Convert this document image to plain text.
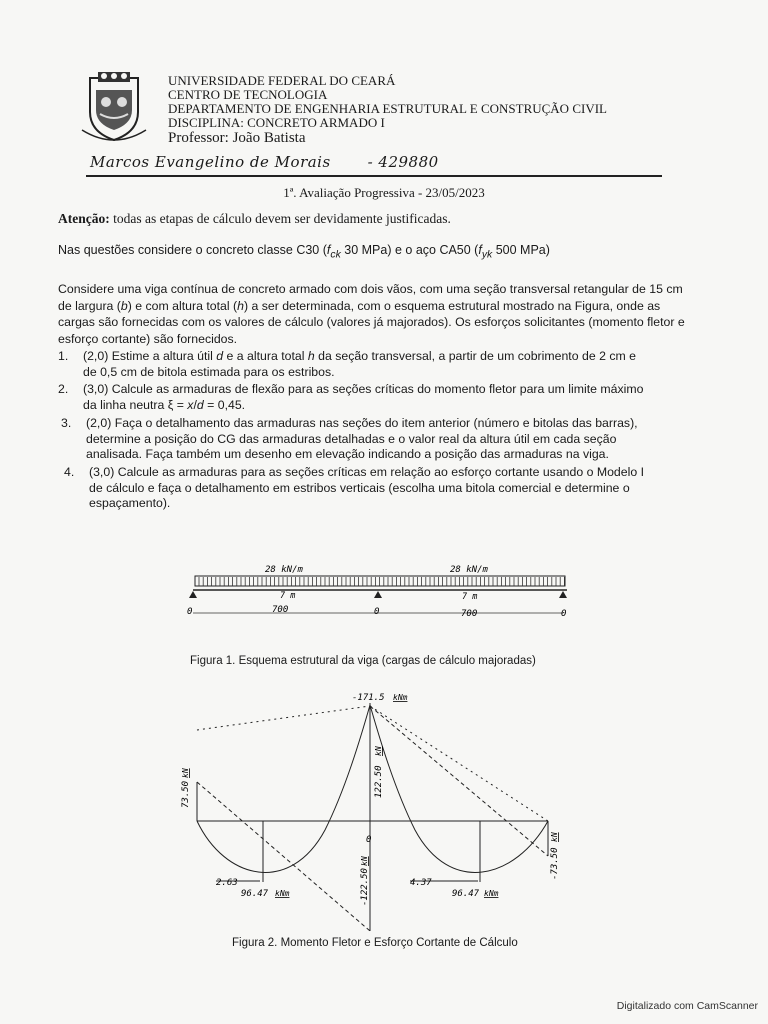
UNIVERSIDADE FEDERAL DO CEARÁ
CENTRO DE TECNOLOGIA
DEPARTAMENTO DE ENGENHARIA ESTRUTURAL E CONSTRUÇÃO CIVIL
DISCIPLINA: CONCRETO ARMADO I
Professor: João Batista
Marcos Evangelino de Morais - 429880
1ª. Avaliação Progressiva - 23/05/2023
Atenção: todas as etapas de cálculo devem ser devidamente justificadas.
Nas questões considere o concreto classe C30 ($f_{ck}$ 30 MPa) e o aço CA50 ($f_{yk}$ 500 MPa)
Considere uma viga contínua de concreto armado com dois vãos, com uma seção transversal retangular de 15 cm de largura (b) e com altura total (h) a ser determinada, com o esquema estrutural mostrado na Figura, onde as cargas são fornecidas com os valores de cálculo (valores já majorados). Os esforços solicitantes (momento fletor e esforço cortante) são fornecidos.
1. (2,0) Estime a altura útil d e a altura total h da seção transversal, a partir de um cobrimento de 2 cm e
de 0,5 cm de bitola estimada para os estribos.
2. (3,0) Calcule as armaduras de flexão para as seções críticas do momento fletor para um limite máximo
da linha neutra ξ = x/d = 0,45.
3. (2,0) Faça o detalhamento das armaduras nas seções do item anterior (número e bitolas das barras),
determine a posição do CG das armaduras detalhadas e o valor real da altura útil em cada seção
analisada. Faça também um desenho em elevação indicando a posição das armaduras na viga.
4. (3,0) Calcule as armaduras para as seções críticas em relação ao esforço cortante usando o Modelo I
de cálculo e faça o detalhamento em estribos verticais (escolha uma bitola comercial e determine o
espaçamento).
28 kN/m	28 kN/m
7 m	7 m
0	0	0
700	700
Figura 1. Esquema estrutural da viga (cargas de cálculo majoradas)
-171.5 kNm
73.50
kN	122.50
kN
0
-122.50
kN	-73.50
kN
2.63	4.37
96.47 kNm	96.47 kNm
Figura 2. Momento Fletor e Esforço Cortante de Cálculo
Digitalizado com CamScanner
